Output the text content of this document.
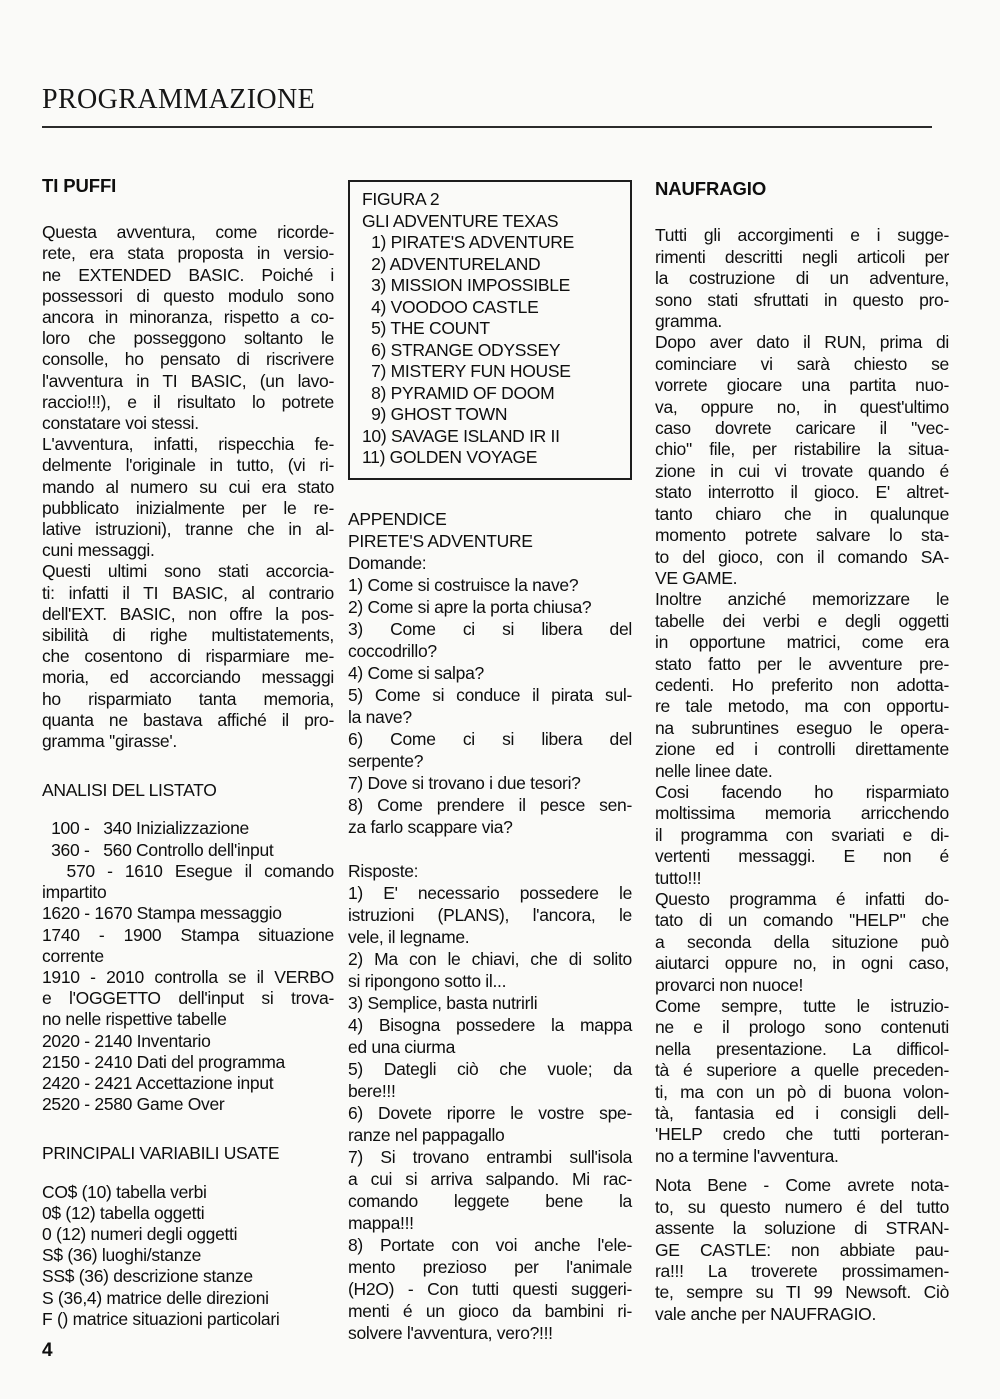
PROGRAMMAZIONE
TI PUFFI
Questa avventura, come ricorde-
rete, era stata proposta in versio-
ne EXTENDED BASIC. Poiché i
possessori di questo modulo sono
ancora in minoranza, rispetto a co-
loro che posseggono soltanto le
consolle, ho pensato di riscrivere
l'avventura in TI BASIC, (un lavo-
raccio!!!), e il risultato lo potrete
constatare voi stessi.
L'avventura, infatti, rispecchia fe-
delmente l'originale in tutto, (vi ri-
mando al numero su cui era stato
pubblicato inizialmente per le re-
lative istruzioni), tranne che in al-
cuni messaggi.
Questi ultimi sono stati accorcia-
ti: infatti il TI BASIC, al contrario
dell'EXT. BASIC, non offre la pos-
sibilità di righe multistatements,
che cosentono di risparmiare me-
moria, ed accorciando messaggi
ho risparmiato tanta memoria,
quanta ne bastava affiché il pro-
gramma ''girasse'.
ANALISI DEL LISTATO
100 -   340 Inizializzazione
360 -   560 Controllo dell'input
570 - 1610 Esegue il comando
impartito
1620 - 1670 Stampa messaggio
1740 - 1900 Stampa situazione
corrente
1910 - 2010 controlla se il VERBO
e l'OGGETTO dell'input si trova-
no nelle rispettive tabelle
2020 - 2140 Inventario
2150 - 2410 Dati del programma
2420 - 2421 Accettazione input
2520 - 2580 Game Over
PRINCIPALI VARIABILI USATE
CO$ (10) tabella verbi
0$ (12) tabella oggetti
0 (12) numeri degli oggetti
S$ (36) luoghi/stanze
SS$ (36) descrizione stanze
S (36,4) matrice delle direzioni
F () matrice situazioni particolari
FIGURA 2
GLI ADVENTURE TEXAS
1) PIRATE'S ADVENTURE
2) ADVENTURELAND
3) MISSION IMPOSSIBLE
4) VOODOO CASTLE
5) THE COUNT
6) STRANGE ODYSSEY
7) MISTERY FUN HOUSE
8) PYRAMID OF DOOM
9) GHOST TOWN
10) SAVAGE ISLAND IR II
11) GOLDEN VOYAGE
APPENDICE
PIRETE'S ADVENTURE
Domande:
1) Come si costruisce la nave?
2) Come si apre la porta chiusa?
3) Come ci si libera del
coccodrillo?
4) Come si salpa?
5) Come si conduce il pirata sul-
la nave?
6) Come ci si libera del
serpente?
7) Dove si trovano i due tesori?
8) Come prendere il pesce sen-
za farlo scappare via?
Risposte:
1) E' necessario possedere le
istruzioni (PLANS), l'ancora, le
vele, il legname.
2) Ma con le chiavi, che di solito
si ripongono sotto il...
3) Semplice, basta nutrirli
4) Bisogna possedere la mappa
ed una ciurma
5) Dategli ciò che vuole; da
bere!!!
6) Dovete riporre le vostre spe-
ranze nel pappagallo
7) Si trovano entrambi sull'isola
a cui si arriva salpando. Mi rac-
comando leggete bene la
mappa!!!
8) Portate con voi anche l'ele-
mento prezioso per l'animale
(H2O) - Con tutti questi suggeri-
menti é un gioco da bambini ri-
solvere l'avventura, vero?!!!
NAUFRAGIO
Tutti gli accorgimenti e i sugge-
rimenti descritti negli articoli per
la costruzione di un adventure,
sono stati sfruttati in questo pro-
gramma.
Dopo aver dato il RUN, prima di
cominciare vi sarà chiesto se
vorrete giocare una partita nuo-
va, oppure no, in quest'ultimo
caso dovrete caricare il ''vec-
chio'' file, per ristabilire la situa-
zione in cui vi trovate quando é
stato interrotto il gioco. E' altret-
tanto chiaro che in qualunque
momento potrete salvare lo sta-
to del gioco, con il comando SA-
VE GAME.
Inoltre anziché memorizzare le
tabelle dei verbi e degli oggetti
in opportune matrici, come era
stato fatto per le avventure pre-
cedenti. Ho preferito non adotta-
re tale metodo, ma con opportu-
na subruntines eseguo le opera-
zione ed i controlli direttamente
nelle linee date.
Cosi facendo ho risparmiato
moltissima memoria arricchendo
il programma con svariati e di-
vertenti messaggi. E non é
tutto!!!
Questo programma é infatti do-
tato di un comando ''HELP'' che
a seconda della situzione può
aiutarci oppure no, in ogni caso,
provarci non nuoce!
Come sempre, tutte le istruzio-
ne e il prologo sono contenuti
nella presentazione. La difficol-
tà é superiore a quelle preceden-
ti, ma con un pò di buona volon-
tà, fantasia ed i consigli dell-
'HELP credo che tutti porteran-
no a termine l'avventura.
Nota Bene - Come avrete nota-
to, su questo numero é del tutto
assente la soluzione di STRAN-
GE CASTLE: non abbiate pau-
ra!!! La troverete prossimamen-
te, sempre su TI 99 Newsoft. Ciò
vale anche per NAUFRAGIO.
4
